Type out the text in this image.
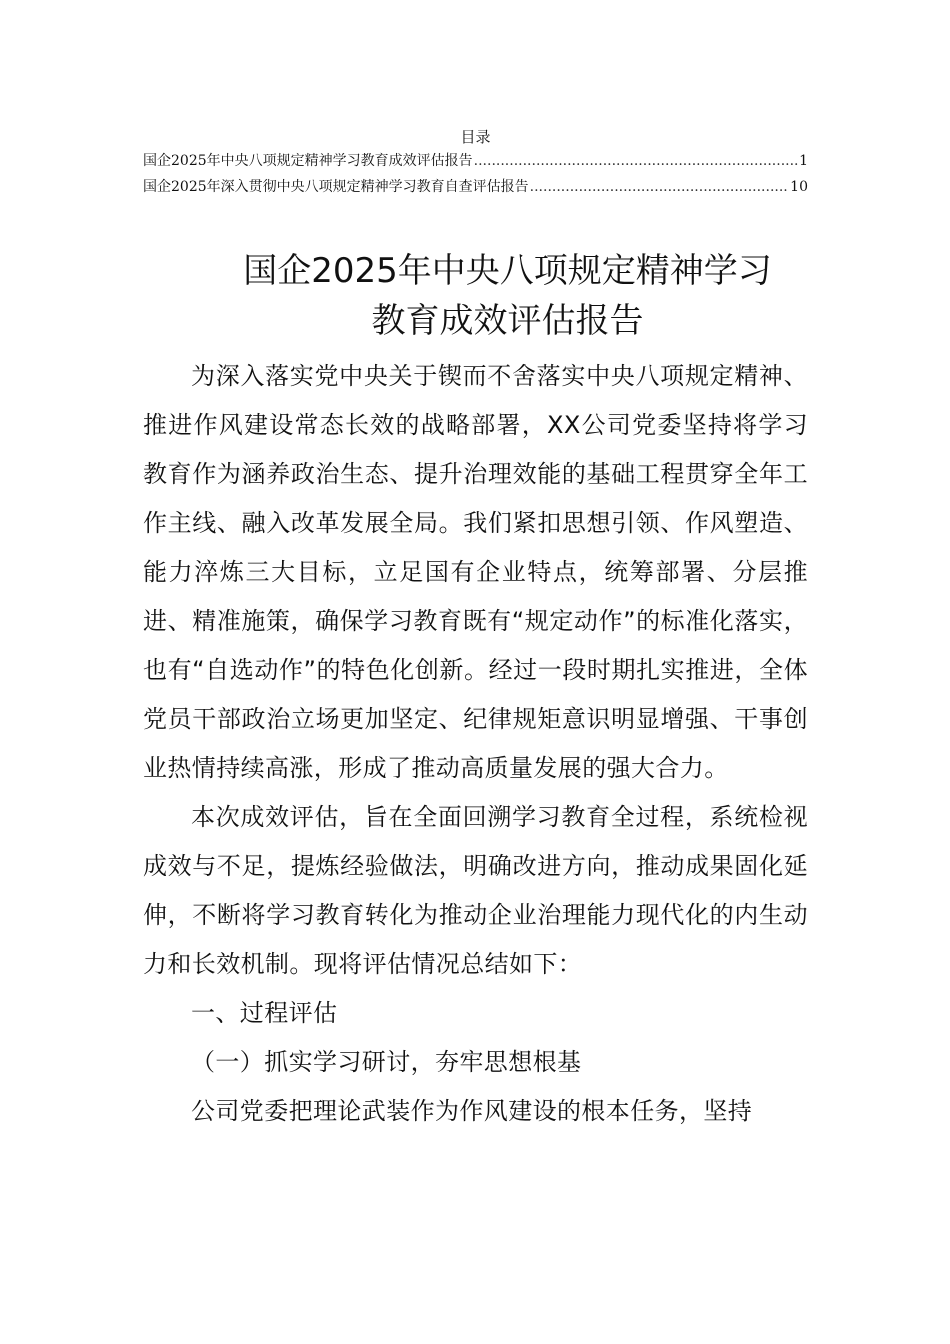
目录
国企2025年中央八项规定精神学习教育成效评估报告 .....	1
国企2025年深入贯彻中央八项规定精神学习教育自查评估报告 .....	10
国企2025年中央八项规定精神学习
教育成效评估报告

为深入落实党中央关于锲而不舍落实中央八项规定精神、推进作风建设常态长效的战略部署，XX公司党委坚持将学习教育作为涵养政治生态、提升治理效能的基础工程贯穿全年工作主线、融入改革发展全局。我们紧扣思想引领、作风塑造、能力淬炼三大目标，立足国有企业特点，统筹部署、分层推进、精准施策，确保学习教育既有“规定动作”的标准化落实，也有“自选动作”的特色化创新。经过一段时期扎实推进，全体党员干部政治立场更加坚定、纪律规矩意识明显增强、干事创业热情持续高涨，形成了推动高质量发展的强大合力。

本次成效评估，旨在全面回溯学习教育全过程，系统检视成效与不足，提炼经验做法，明确改进方向，推动成果固化延伸，不断将学习教育转化为推动企业治理能力现代化的内生动力和长效机制。现将评估情况总结如下：

一、过程评估

（一）抓实学习研讨，夯牢思想根基

公司党委把理论武装作为作风建设的根本任务，坚持
